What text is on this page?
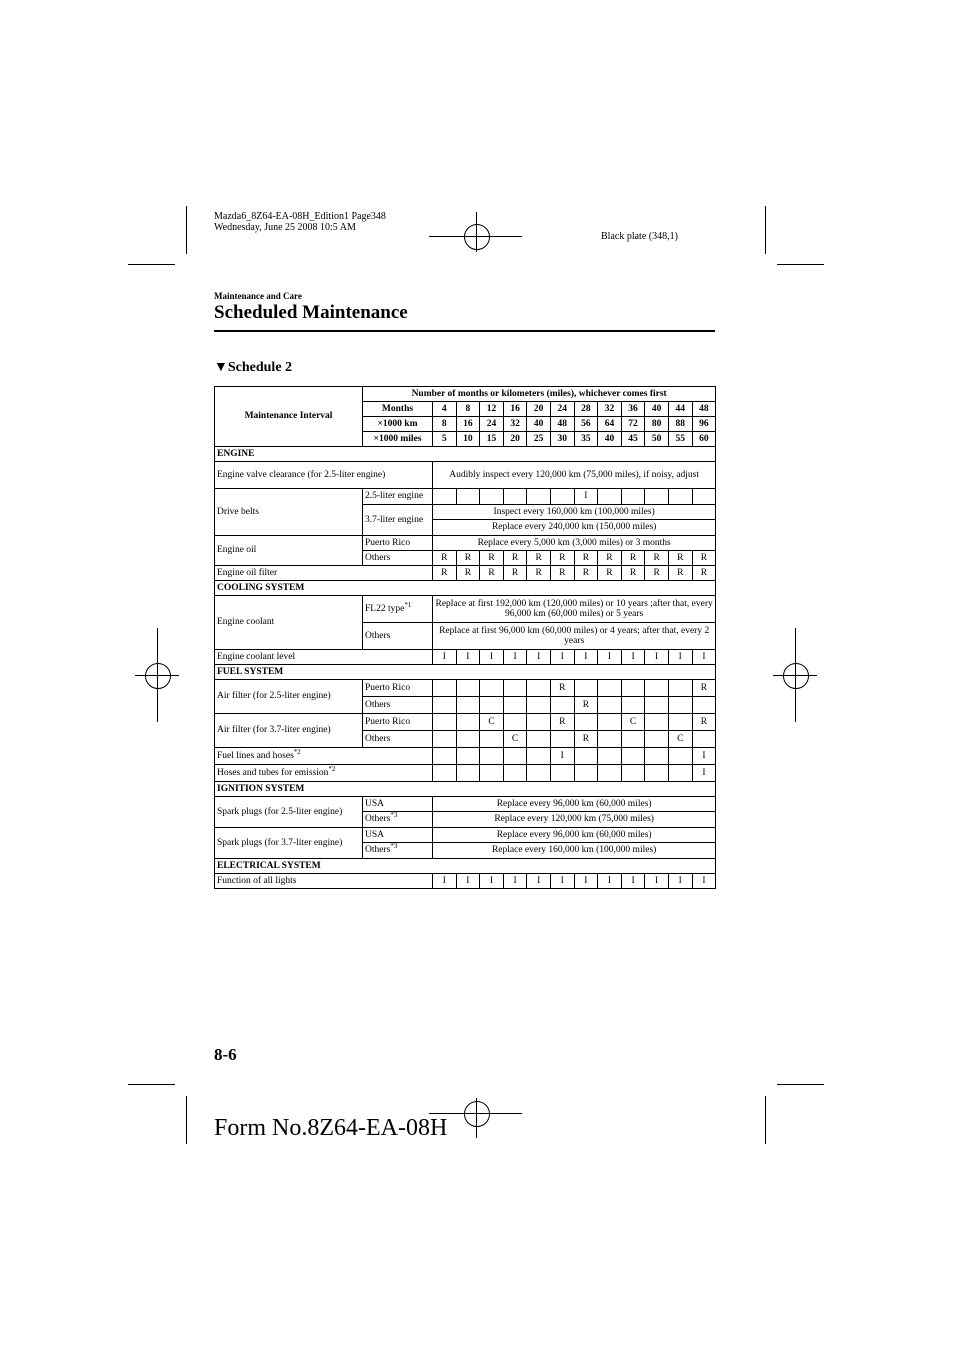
Mazda6_8Z64-EA-08H_Edition1 Page348
Wednesday, June 25 2008 10:5 AM
Black plate (348,1)
Maintenance and Care
Scheduled Maintenance
▼Schedule 2
Maintenance Interval	Number of months or kilometers (miles), whichever comes first												
	Months	4	8	12	16	20	24	28	32	36	40	44	48
	×1000 km	8	16	24	32	40	48	56	64	72	80	88	96
	×1000 miles	5	10	15	20	25	30	35	40	45	50	55	60
ENGINE													
Engine valve clearance (for 2.5-liter engine)		Audibly inspect every 120,000 km (75,000 miles), if noisy, adjust											
Drive belts	2.5-liter engine							I					
	3.7-liter engine	Inspect every 160,000 km (100,000 miles)											
		Replace every 240,000 km (150,000 miles)											
Engine oil	Puerto Rico	Replace every 5,000 km (3,000 miles) or 3 months											
	Others	R	R	R	R	R	R	R	R	R	R	R	R
Engine oil filter		R	R	R	R	R	R	R	R	R	R	R	R
COOLING SYSTEM													
Engine coolant	FL22 type$^{*1}$	Replace at first 192,000 km (120,000 miles) or 10 years ;after that, every 96,000 km (60,000 miles) or 5 years											
	Others	Replace at first 96,000 km (60,000 miles) or 4 years; after that, every 2 years											
Engine coolant level		I	I	I	I	I	I	I	I	I	I	I	I
FUEL SYSTEM													
Air filter (for 2.5-liter engine)	Puerto Rico						R						R
	Others							R					
Air filter (for 3.7-liter engine)	Puerto Rico			C			R			C			R
	Others				C			R				C	
Fuel lines and hoses$^{*2}$							I						I
Hoses and tubes for emission$^{*2}$													I
IGNITION SYSTEM													
Spark plugs (for 2.5-liter engine)	USA	Replace every 96,000 km (60,000 miles)											
	Others$^{*3}$	Replace every 120,000 km (75,000 miles)											
Spark plugs (for 3.7-liter engine)	USA	Replace every 96,000 km (60,000 miles)											
	Others$^{*3}$	Replace every 160,000 km (100,000 miles)											
ELECTRICAL SYSTEM													
Function of all lights		I	I	I	I	I	I	I	I	I	I	I	I
8-6
Form No.8Z64-EA-08H
